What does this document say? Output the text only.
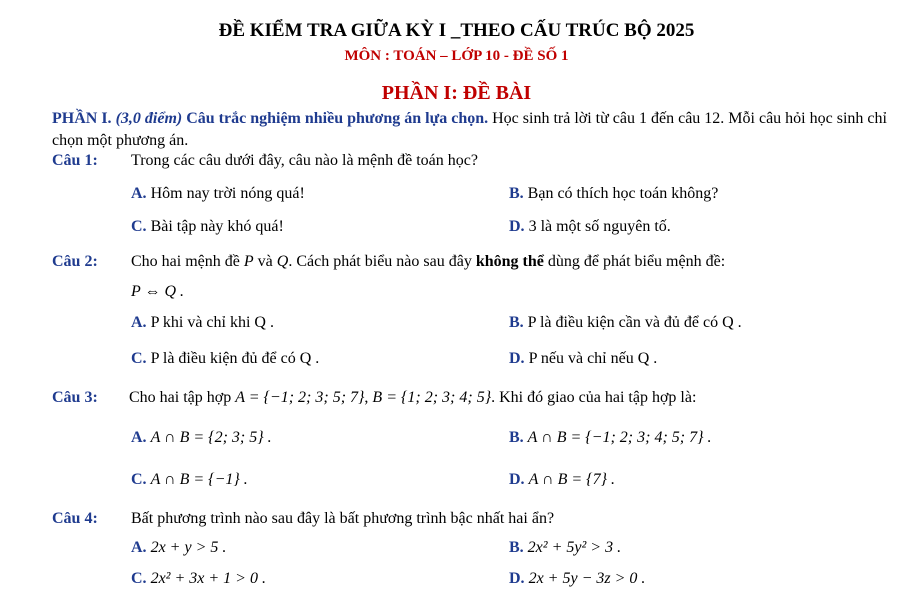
ĐỀ KIỂM TRA GIỮA KỲ I _THEO CẤU TRÚC BỘ 2025
MÔN : TOÁN – LỚP 10 - ĐỀ SỐ 1
PHẦN I: ĐỀ BÀI
PHẦN I. (3,0 điểm) Câu trắc nghiệm nhiều phương án lựa chọn. Học sinh trả lời từ câu 1 đến câu 12. Mỗi câu hỏi học sinh chỉ chọn một phương án.
Câu 1: Trong các câu dưới đây, câu nào là mệnh đề toán học?
A. Hôm nay trời nóng quá!	B. Bạn có thích học toán không?
C. Bài tập này khó quá!	D. 3 là một số nguyên tố.
Câu 2: Cho hai mệnh đề P và Q. Cách phát biểu nào sau đây không thể dùng để phát biểu mệnh đề:
P ⇔ Q .
A. P khi và chỉ khi Q .	B. P là điều kiện cần và đủ để có Q .
C. P là điều kiện đủ để có Q .	D. P nếu và chỉ nếu Q .
Câu 3: Cho hai tập hợp A = {−1; 2; 3; 5; 7}, B = {1; 2; 3; 4; 5}. Khi đó giao của hai tập hợp là:
A. A ∩ B = {2; 3; 5} .	B. A ∩ B = {−1; 2; 3; 4; 5; 7} .
C. A ∩ B = {−1} .	D. A ∩ B = {7} .
Câu 4: Bất phương trình nào sau đây là bất phương trình bậc nhất hai ẩn?
A. 2x + y > 5 .	B. 2x² + 5y² > 3 .
C. 2x² + 3x + 1 > 0 .	D. 2x + 5y − 3z > 0 .
